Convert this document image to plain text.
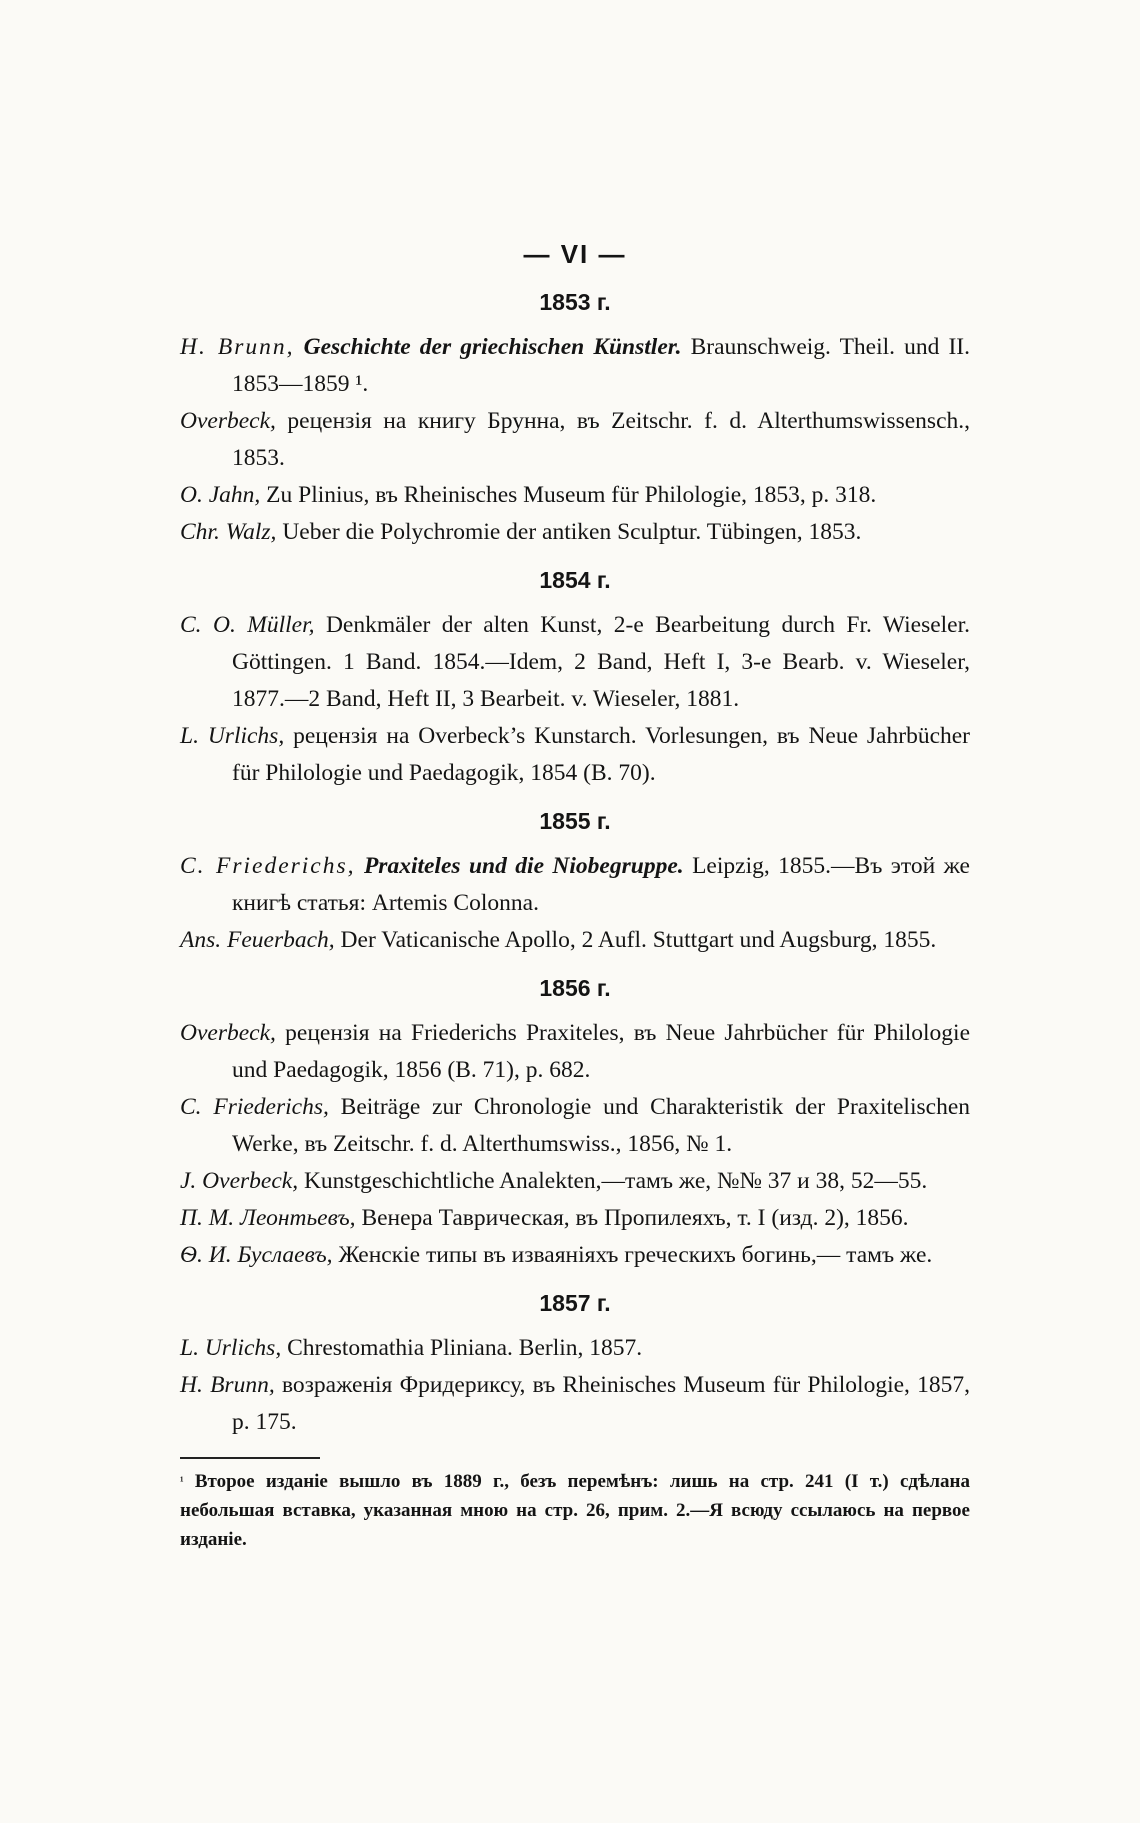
— VI —
1853 г.
H. Brunn, Geschichte der griechischen Künstler. Braunschweig. Theil. und II. 1853—1859 ¹.
Overbeck, рецензія на книгу Брунна, въ Zeitschr. f. d. Alterthumswissensch., 1853.
O. Jahn, Zu Plinius, въ Rheinisches Museum für Philologie, 1853, p. 318.
Chr. Walz, Ueber die Polychromie der antiken Sculptur. Tübingen, 1853.
1854 г.
C. O. Müller, Denkmäler der alten Kunst, 2-e Bearbeitung durch Fr. Wieseler. Göttingen. 1 Band. 1854.—Idem, 2 Band, Heft I, 3-e Bearb. v. Wieseler, 1877.—2 Band, Heft II, 3 Bearbeit. v. Wieseler, 1881.
L. Urlichs, рецензія на Overbeck’s Kunstarch. Vorlesungen, въ Neue Jahrbücher für Philologie und Paedagogik, 1854 (B. 70).
1855 г.
C. Friederichs, Praxiteles und die Niobegruppe. Leipzig, 1855.—Въ этой же книгѣ статья: Artemis Colonna.
Ans. Feuerbach, Der Vaticanische Apollo, 2 Aufl. Stuttgart und Augsburg, 1855.
1856 г.
Overbeck, рецензія на Friederichs Praxiteles, въ Neue Jahrbücher für Philologie und Paedagogik, 1856 (B. 71), p. 682.
C. Friederichs, Beiträge zur Chronologie und Charakteristik der Praxitelischen Werke, въ Zeitschr. f. d. Alterthumswiss., 1856, № 1.
J. Overbeck, Kunstgeschichtliche Analekten,—тамъ же, №№ 37 и 38, 52—55.
П. М. Леонтьевъ, Венера Таврическая, въ Пропилеяхъ, т. I (изд. 2), 1856.
Ѳ. И. Буслаевъ, Женскіе типы въ изваяніяхъ греческихъ богинь,— тамъ же.
1857 г.
L. Urlichs, Chrestomathia Pliniana. Berlin, 1857.
H. Brunn, возраженія Фридериксу, въ Rheinisches Museum für Philologie, 1857, p. 175.
$^{^1}$ Второе изданіе вышло въ 1889 г., безъ перемѣнъ: лишь на стр. 241 (I т.) сдѣлана небольшая вставка, указанная мною на стр. 26, прим. 2.—Я всюду ссылаюсь на первое изданіе.
